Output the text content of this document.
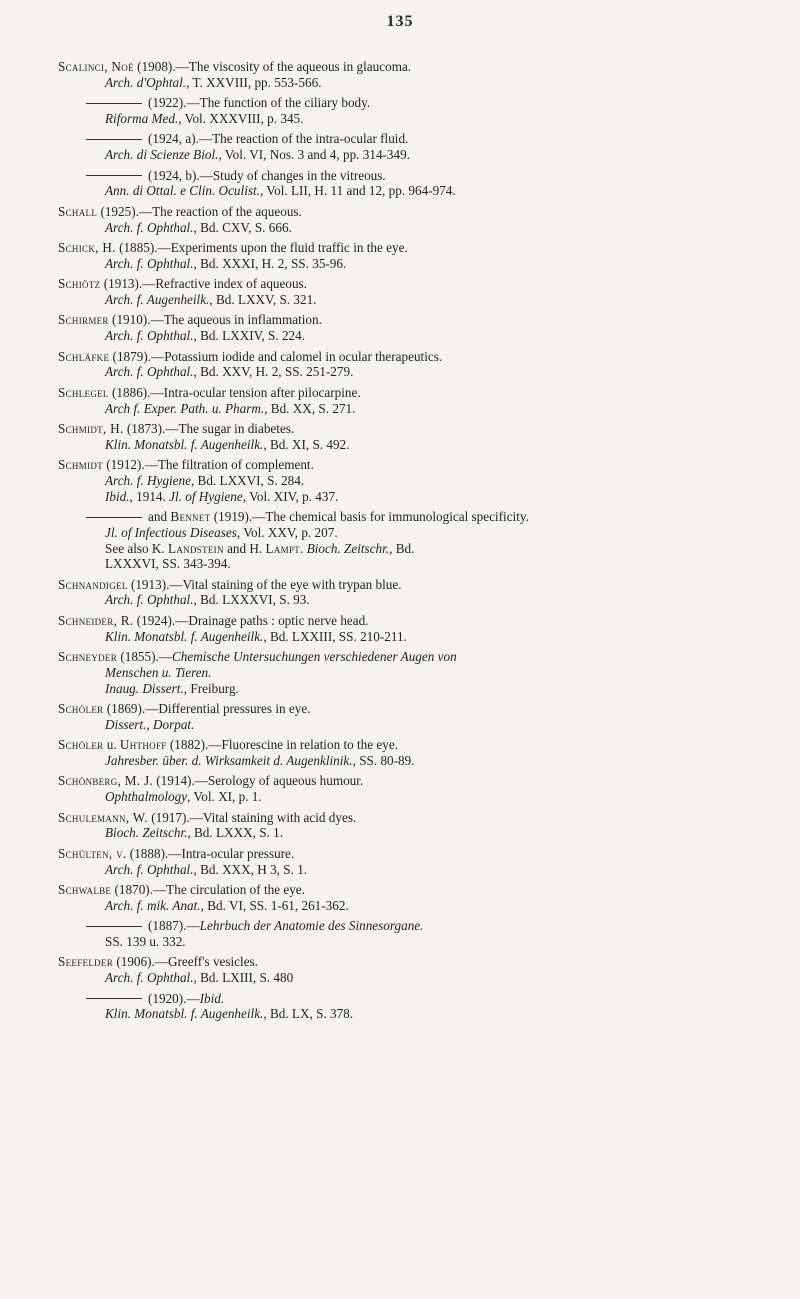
135
Scalinci, Noë (1908).—The viscosity of the aqueous in glaucoma.
Arch. d'Ophtal., T. XXVIII, pp. 553-566.
(1922).—The function of the ciliary body.
Riforma Med., Vol. XXXVIII, p. 345.
(1924, a).—The reaction of the intra-ocular fluid.
Arch. di Scienze Biol., Vol. VI, Nos. 3 and 4, pp. 314-349.
(1924, b).—Study of changes in the vitreous.
Ann. di Ottal. e Clin. Oculist., Vol. LII, H. 11 and 12, pp. 964-974.
Schall (1925).—The reaction of the aqueous.
Arch. f. Ophthal., Bd. CXV, S. 666.
Schick, H. (1885).—Experiments upon the fluid traffic in the eye.
Arch. f. Ophthal., Bd. XXXI, H. 2, SS. 35-96.
Schiötz (1913).—Refractive index of aqueous.
Arch. f. Augenheilk., Bd. LXXV, S. 321.
Schirmer (1910).—The aqueous in inflammation.
Arch. f. Ophthal., Bd. LXXIV, S. 224.
Schläfke (1879).—Potassium iodide and calomel in ocular therapeutics.
Arch. f. Ophthal., Bd. XXV, H. 2, SS. 251-279.
Schlegel (1886).—Intra-ocular tension after pilocarpine.
Arch f. Exper. Path. u. Pharm., Bd. XX, S. 271.
Schmidt, H. (1873).—The sugar in diabetes.
Klin. Monatsbl. f. Augenheilk., Bd. XI, S. 492.
Schmidt (1912).—The filtration of complement.
Arch. f. Hygiene, Bd. LXXVI, S. 284.
Ibid., 1914. Jl. of Hygiene, Vol. XIV, p. 437.
and Bennet (1919).—The chemical basis for immunological specificity.
Jl. of Infectious Diseases, Vol. XXV, p. 207.
See also K. Landstein and H. Lampt. Bioch. Zeitschr., Bd.
LXXXVI, SS. 343-394.
Schnandigel (1913).—Vital staining of the eye with trypan blue.
Arch. f. Ophthal., Bd. LXXXVI, S. 93.
Schneider, R. (1924).—Drainage paths : optic nerve head.
Klin. Monatsbl. f. Augenheilk., Bd. LXXIII, SS. 210-211.
Schneyder (1855).—Chemische Untersuchungen verschiedener Augen von
Menschen u. Tieren.
Inaug. Dissert., Freiburg.
Schöler (1869).—Differential pressures in eye.
Dissert., Dorpat.
Schöler u. Uhthoff (1882).—Fluorescine in relation to the eye.
Jahresber. über. d. Wirksamkeit d. Augenklinik., SS. 80-89.
Schönberg, M. J. (1914).—Serology of aqueous humour.
Ophthalmology, Vol. XI, p. 1.
Schulemann, W. (1917).—Vital staining with acid dyes.
Bioch. Zeitschr., Bd. LXXX, S. 1.
Schülten, v. (1888).—Intra-ocular pressure.
Arch. f. Ophthal., Bd. XXX, H 3, S. 1.
Schwalbe (1870).—The circulation of the eye.
Arch. f. mik. Anat., Bd. VI, SS. 1-61, 261-362.
(1887).—Lehrbuch der Anatomie des Sinnesorgane.
SS. 139 u. 332.
Seefelder (1906).—Greeff's vesicles.
Arch. f. Ophthal., Bd. LXIII, S. 480
(1920).—Ibid.
Klin. Monatsbl. f. Augenheilk., Bd. LX, S. 378.
